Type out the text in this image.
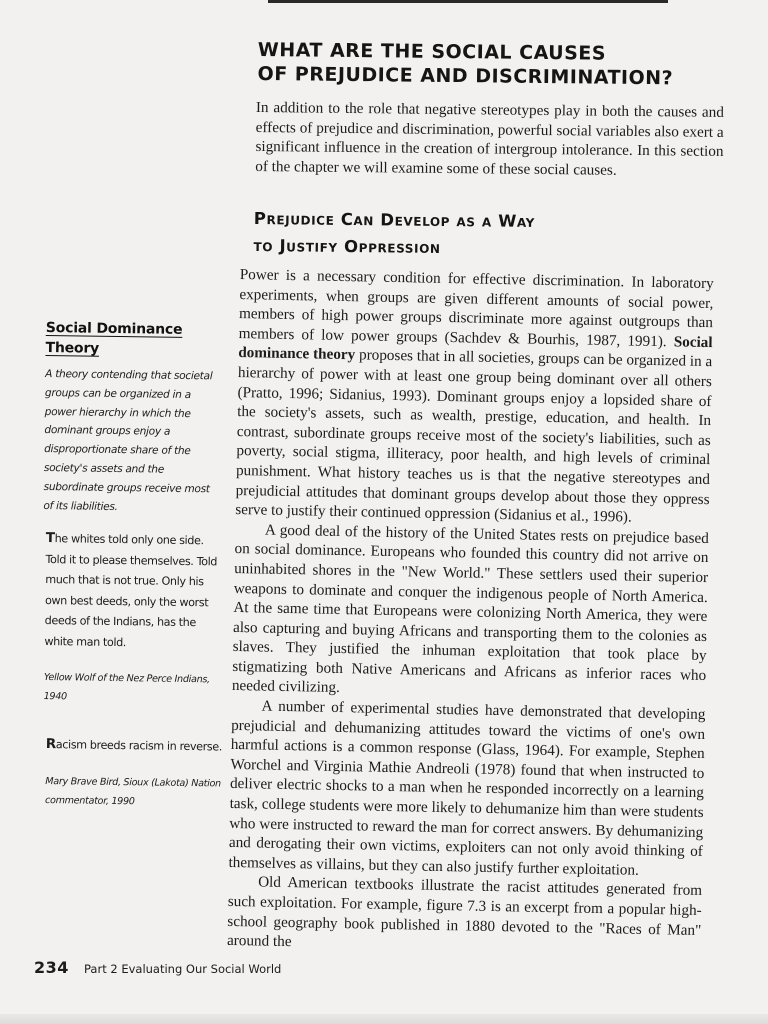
WHAT ARE THE SOCIAL CAUSES
OF PREJUDICE AND DISCRIMINATION?
In addition to the role that negative stereotypes play in both the causes and effects of prejudice and discrimination, powerful social variables also exert a significant influence in the creation of intergroup intolerance. In this section of the chapter we will examine some of these social causes.
Prejudice Can Develop as a Way
to Justify Oppression

Power is a necessary condition for effective discrimination. In laboratory experiments, when groups are given different amounts of social power, members of high power groups discriminate more against outgroups than members of low power groups (Sachdev & Bourhis, 1987, 1991). Social dominance theory proposes that in all societies, groups can be organized in a hierarchy of power with at least one group being dominant over all others (Pratto, 1996; Sidanius, 1993). Dominant groups enjoy a lopsided share of the society's assets, such as wealth, prestige, education, and health. In contrast, subordinate groups receive most of the society's liabilities, such as poverty, social stigma, illiteracy, poor health, and high levels of criminal punishment. What history teaches us is that the negative stereotypes and prejudicial attitudes that dominant groups develop about those they oppress serve to justify their continued oppression (Sidanius et al., 1996).

A good deal of the history of the United States rests on prejudice based on social dominance. Europeans who founded this country did not arrive on uninhabited shores in the "New World." These settlers used their superior weapons to dominate and conquer the indigenous people of North America. At the same time that Europeans were colonizing North America, they were also capturing and buying Africans and transporting them to the colonies as slaves. They justified the inhuman exploitation that took place by stigmatizing both Native Americans and Africans as inferior races who needed civilizing.

A number of experimental studies have demonstrated that developing prejudicial and dehumanizing attitudes toward the victims of one's own harmful actions is a common response (Glass, 1964). For example, Stephen Worchel and Virginia Mathie Andreoli (1978) found that when instructed to deliver electric shocks to a man when he responded incorrectly on a learning task, college students were more likely to dehumanize him than were students who were instructed to reward the man for correct answers. By dehumanizing and derogating their own victims, exploiters can not only avoid thinking of themselves as villains, but they can also justify further exploitation.

Old American textbooks illustrate the racist attitudes generated from such exploitation. For example, figure 7.3 is an excerpt from a popular high-school geography book published in 1880 devoted to the "Races of Man" around the

Social Dominance Theory
A theory contending that societal groups can be organized in a power hierarchy in which the dominant groups enjoy a disproportionate share of the society's assets and the subordinate groups receive most of its liabilities.
The whites told only one side. Told it to please themselves. Told much that is not true. Only his own best deeds, only the worst deeds of the Indians, has the white man told.
Yellow Wolf of the Nez Perce Indians, 1940
Racism breeds racism in reverse.
Mary Brave Bird, Sioux (Lakota) Nation commentator, 1990
234 Part 2 Evaluating Our Social World
